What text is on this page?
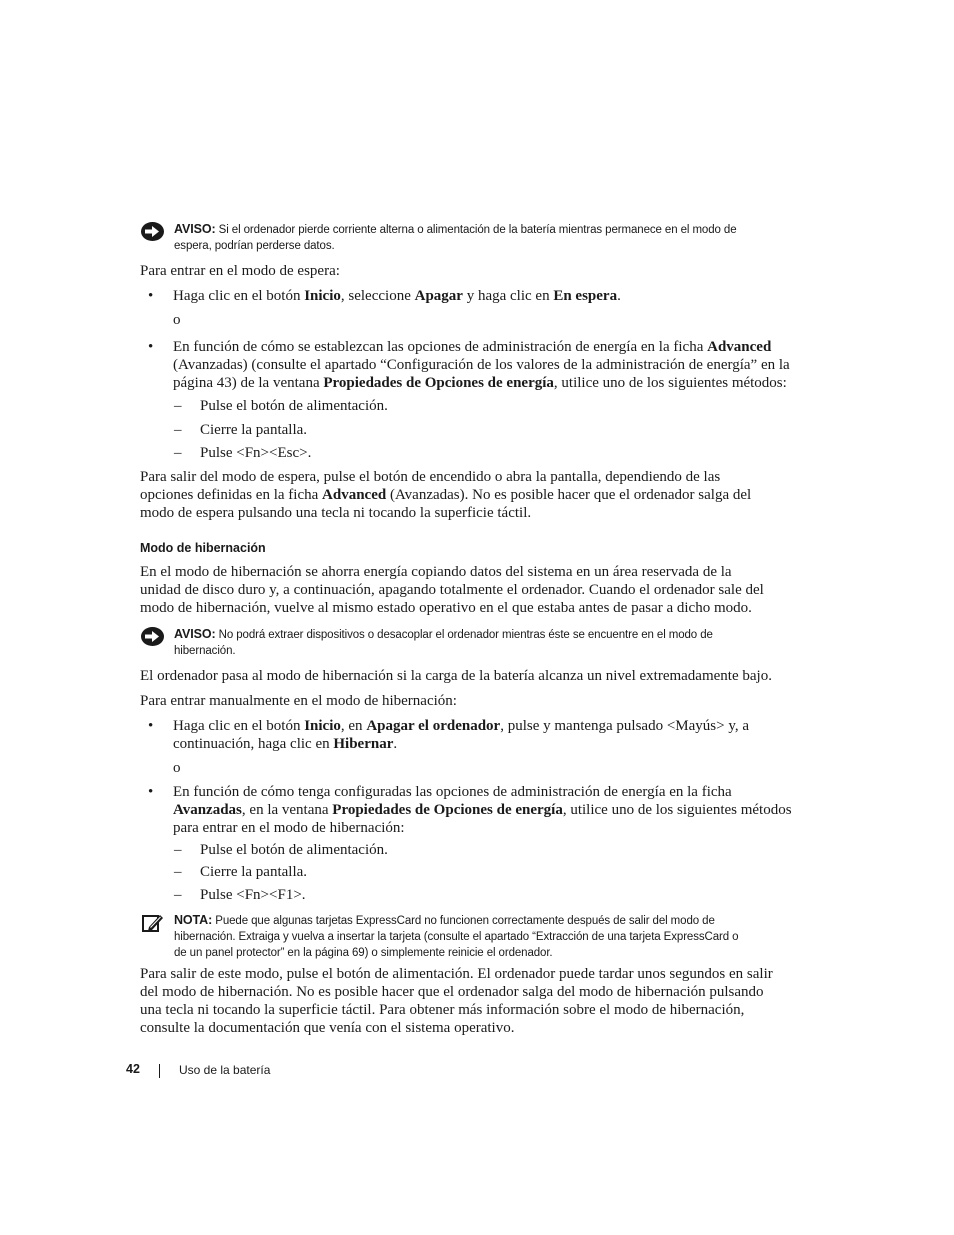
AVISO: Si el ordenador pierde corriente alterna o alimentación de la batería mientras permanece en el modo de
espera, podrían perderse datos.
Para entrar en el modo de espera:
• Haga clic en el botón Inicio, seleccione Apagar y haga clic en En espera.
o
• En función de cómo se establezcan las opciones de administración de energía en la ficha Advanced
(Avanzadas) (consulte el apartado “Configuración de los valores de la administración de energía” en la
página 43) de la ventana Propiedades de Opciones de energía, utilice uno de los siguientes métodos:
– Pulse el botón de alimentación.
– Cierre la pantalla.
– Pulse <Fn><Esc>.
Para salir del modo de espera, pulse el botón de encendido o abra la pantalla, dependiendo de las
opciones definidas en la ficha Advanced (Avanzadas). No es posible hacer que el ordenador salga del
modo de espera pulsando una tecla ni tocando la superficie táctil.
Modo de hibernación
En el modo de hibernación se ahorra energía copiando datos del sistema en un área reservada de la
unidad de disco duro y, a continuación, apagando totalmente el ordenador. Cuando el ordenador sale del
modo de hibernación, vuelve al mismo estado operativo en el que estaba antes de pasar a dicho modo.
AVISO: No podrá extraer dispositivos o desacoplar el ordenador mientras éste se encuentre en el modo de
hibernación.
El ordenador pasa al modo de hibernación si la carga de la batería alcanza un nivel extremadamente bajo.
Para entrar manualmente en el modo de hibernación:
• Haga clic en el botón Inicio, en Apagar el ordenador, pulse y mantenga pulsado <Mayús> y, a
continuación, haga clic en Hibernar.
o
• En función de cómo tenga configuradas las opciones de administración de energía en la ficha
Avanzadas, en la ventana Propiedades de Opciones de energía, utilice uno de los siguientes métodos
para entrar en el modo de hibernación:
– Pulse el botón de alimentación.
– Cierre la pantalla.
– Pulse <Fn><F1>.
NOTA: Puede que algunas tarjetas ExpressCard no funcionen correctamente después de salir del modo de
hibernación. Extraiga y vuelva a insertar la tarjeta (consulte el apartado “Extracción de una tarjeta ExpressCard o
de un panel protector” en la página 69) o simplemente reinicie el ordenador.
Para salir de este modo, pulse el botón de alimentación. El ordenador puede tardar unos segundos en salir
del modo de hibernación. No es posible hacer que el ordenador salga del modo de hibernación pulsando
una tecla ni tocando la superficie táctil. Para obtener más información sobre el modo de hibernación,
consulte la documentación que venía con el sistema operativo.
42	Uso de la batería
